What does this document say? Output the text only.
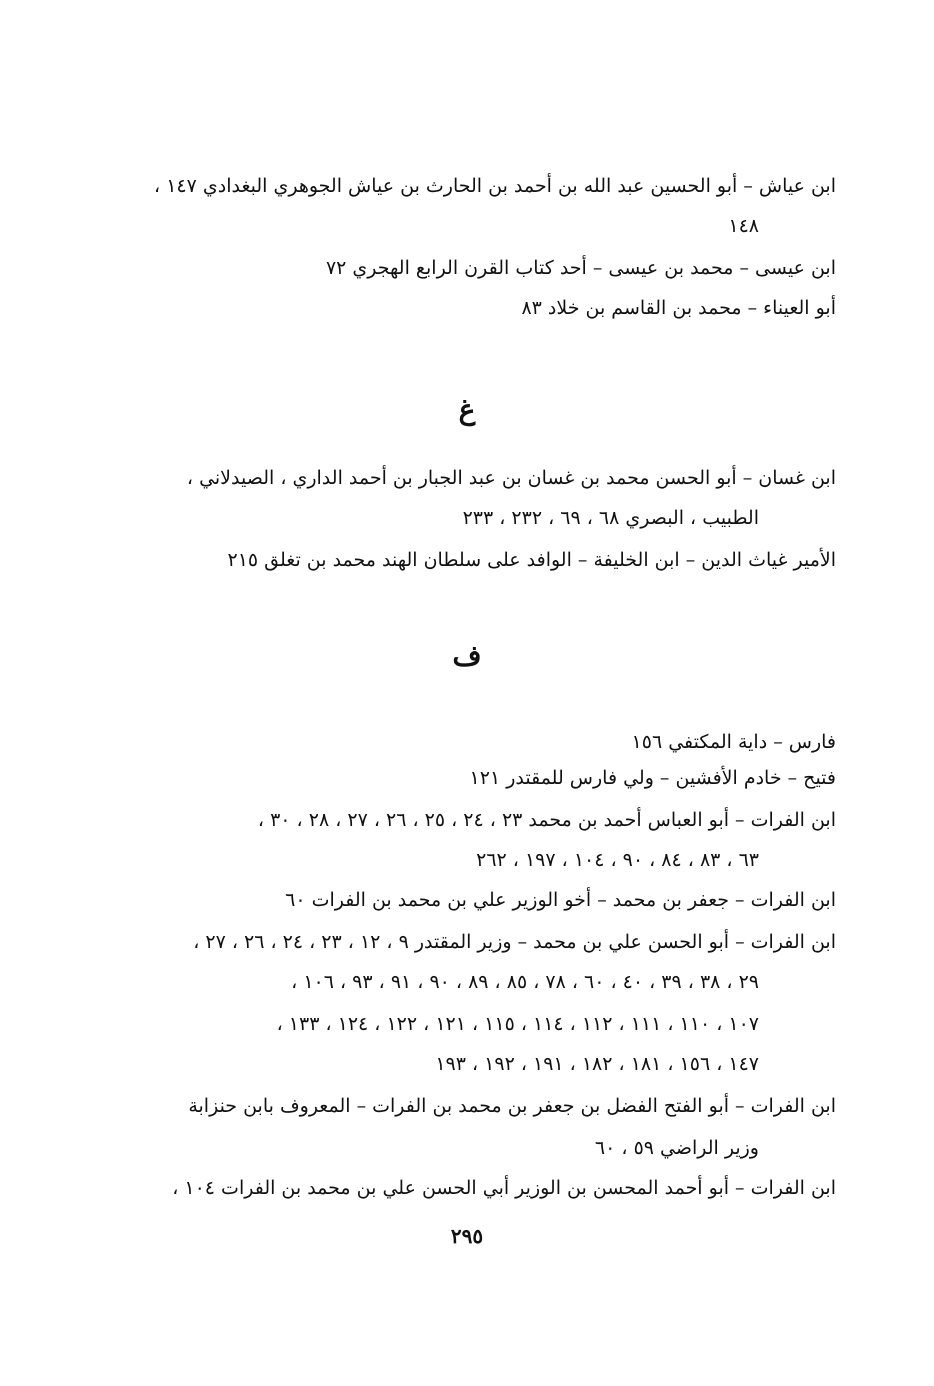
ابن عياش – أبو الحسين عبد الله بن أحمد بن الحارث بن عياش الجوهري البغدادي ١٤٧ ،
١٤٨
ابن عيسى – محمد بن عيسى – أحد كتاب القرن الرابع الهجري ٧٢
أبو العيناء – محمد بن القاسم بن خلاد ٨٣
غ
ابن غسان – أبو الحسن محمد بن غسان بن عبد الجبار بن أحمد الداري ، الصيدلاني ،
الطبيب ، البصري ٦٨ ، ٦٩ ، ٢٣٢ ، ٢٣٣
الأمير غياث الدين – ابن الخليفة – الوافد على سلطان الهند محمد بن تغلق ٢١٥
ف
فارس – داية المكتفي ١٥٦
فتيح – خادم الأفشين – ولي فارس للمقتدر ١٢١
ابن الفرات – أبو العباس أحمد بن محمد ٢٣ ، ٢٤ ، ٢٥ ، ٢٦ ، ٢٧ ، ٢٨ ، ٣٠ ،
٦٣ ، ٨٣ ، ٨٤ ، ٩٠ ، ١٠٤ ، ١٩٧ ، ٢٦٢
ابن الفرات – جعفر بن محمد – أخو الوزير علي بن محمد بن الفرات ٦٠
ابن الفرات – أبو الحسن علي بن محمد – وزير المقتدر ٩ ، ١٢ ، ٢٣ ، ٢٤ ، ٢٦ ، ٢٧ ،
٢٩ ، ٣٨ ، ٣٩ ، ٤٠ ، ٦٠ ، ٧٨ ، ٨٥ ، ٨٩ ، ٩٠ ، ٩١ ، ٩٣ ، ١٠٦ ،
١٠٧ ، ١١٠ ، ١١١ ، ١١٢ ، ١١٤ ، ١١٥ ، ١٢١ ، ١٢٢ ، ١٢٤ ، ١٣٣ ،
١٤٧ ، ١٥٦ ، ١٨١ ، ١٨٢ ، ١٩١ ، ١٩٢ ، ١٩٣
ابن الفرات – أبو الفتح الفضل بن جعفر بن محمد بن الفرات – المعروف بابن حنزابة
وزير الراضي ٥٩ ، ٦٠
ابن الفرات – أبو أحمد المحسن بن الوزير أبي الحسن علي بن محمد بن الفرات ١٠٤ ،
٢٩٥
